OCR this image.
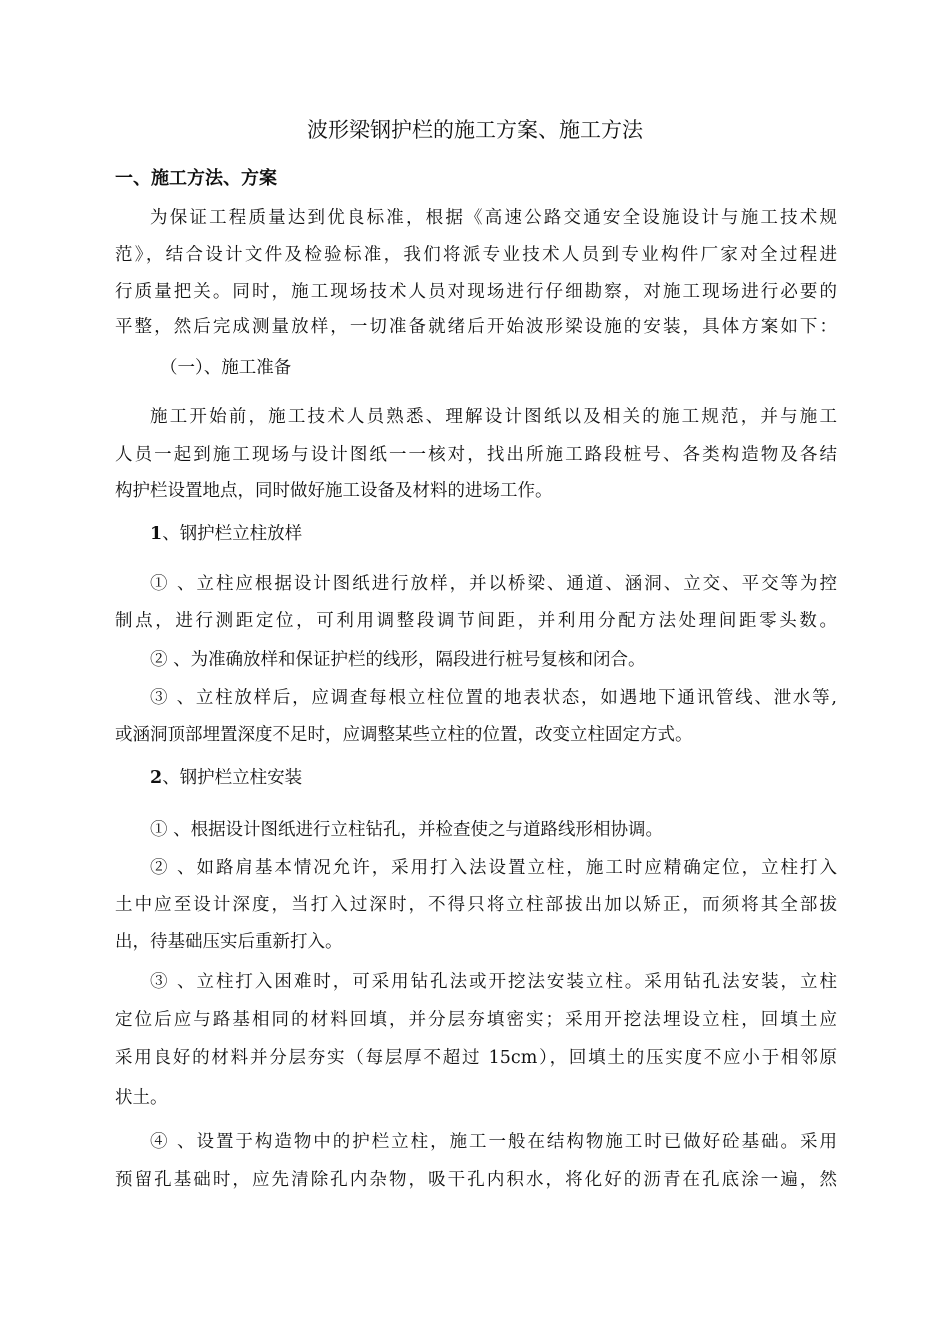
波形梁钢护栏的施工方案、施工方法
一、施工方法、方案
为保证工程质量达到优良标准，根据《高速公路交通安全设施设计与施工技术规
范》，结合设计文件及检验标准，我们将派专业技术人员到专业构件厂家对全过程进
行质量把关。同时，施工现场技术人员对现场进行仔细勘察，对施工现场进行必要的
平整，然后完成测量放样，一切准备就绪后开始波形梁设施的安装，具体方案如下：
（一）、施工准备
施工开始前，施工技术人员熟悉、理解设计图纸以及相关的施工规范，并与施工
人员一起到施工现场与设计图纸一一核对，找出所施工路段桩号、各类构造物及各结
构护栏设置地点，同时做好施工设备及材料的进场工作。
1、钢护栏立柱放样
① 、立柱应根据设计图纸进行放样，并以桥梁、通道、涵洞、立交、平交等为控
制点，进行测距定位，可利用调整段调节间距，并利用分配方法处理间距零头数。
② 、为准确放样和保证护栏的线形，隔段进行桩号复核和闭合。
③ 、立柱放样后，应调查每根立柱位置的地表状态，如遇地下通讯管线、泄水等,
或涵洞顶部埋置深度不足时，应调整某些立柱的位置，改变立柱固定方式。
2、钢护栏立柱安装
① 、根据设计图纸进行立柱钻孔，并检查使之与道路线形相协调。
② 、如路肩基本情况允许，采用打入法设置立柱，施工时应精确定位，立柱打入
土中应至设计深度，当打入过深时，不得只将立柱部拔出加以矫正，而须将其全部拔
出，待基础压实后重新打入。
③ 、立柱打入困难时，可采用钻孔法或开挖法安装立柱。采用钻孔法安装，立柱
定位后应与路基相同的材料回填，并分层夯填密实；采用开挖法埋设立柱，回填土应
采用良好的材料并分层夯实（每层厚不超过 15cm），回填土的压实度不应小于相邻原
状土。
④ 、设置于构造物中的护栏立柱，施工一般在结构物施工时已做好砼基础。采用
预留孔基础时，应先清除孔内杂物，吸干孔内积水，将化好的沥青在孔底涂一遍，然
